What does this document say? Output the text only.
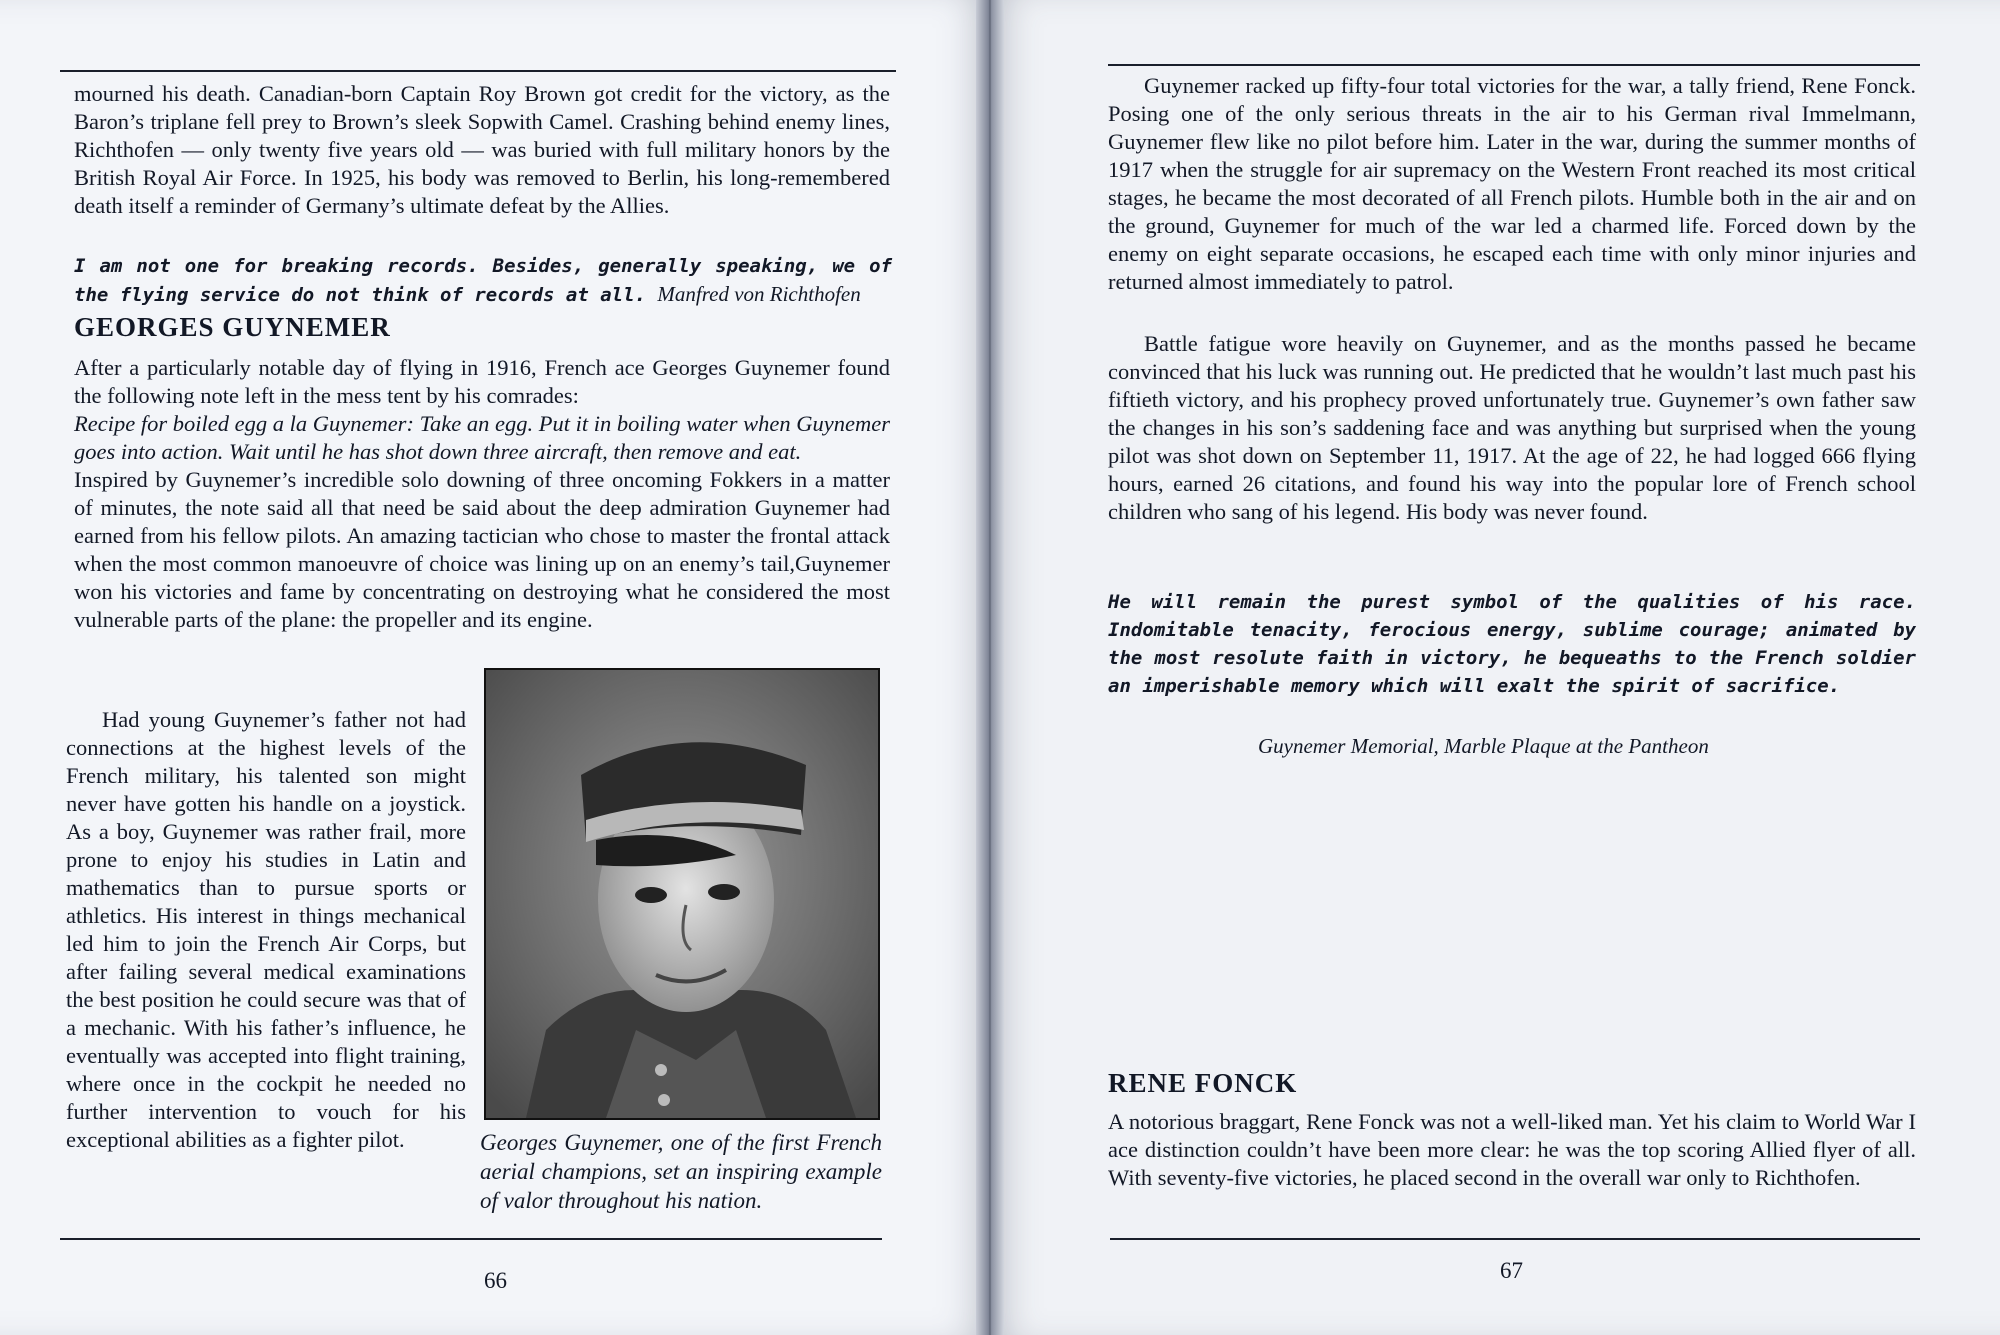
mourned his death. Canadian-born Captain Roy Brown got credit for the victory, as the Baron’s triplane fell prey to Brown’s sleek Sopwith Camel. Crashing behind enemy lines, Richthofen — only twenty five years old — was buried with full military honors by the British Royal Air Force. In 1925, his body was removed to Berlin, his long-remembered death itself a reminder of Germany’s ultimate defeat by the Allies.

I am not one for breaking records. Besides, generally speaking, we of the flying service do not think of records at all. Manfred von Richthofen
GEORGES GUYNEMER

After a particularly notable day of flying in 1916, French ace Georges Guynemer found the following note left in the mess tent by his comrades:

Recipe for boiled egg a la Guynemer: Take an egg. Put it in boiling water when Guynemer goes into action. Wait until he has shot down three aircraft, then remove and eat.

Inspired by Guynemer’s incredible solo downing of three oncoming Fokkers in a matter of minutes, the note said all that need be said about the deep admiration Guynemer had earned from his fellow pilots. An amazing tactician who chose to master the frontal attack when the most common manoeuvre of choice was lining up on an enemy’s tail,Guynemer won his victories and fame by concentrating on destroying what he considered the most vulnerable parts of the plane: the propeller and its engine.

Had young Guynemer’s father not had connections at the highest levels of the French military, his talented son might never have gotten his handle on a joystick. As a boy, Guynemer was rather frail, more prone to enjoy his studies in Latin and mathematics than to pursue sports or athletics. His interest in things mechanical led him to join the French Air Corps, but after failing several medical examinations the best position he could secure was that of a mechanic. With his father’s influence, he eventually was accepted into flight training, where once in the cockpit he needed no further intervention to vouch for his exceptional abilities as a fighter pilot.	Georges Guynemer, one of the first French aerial champions, set an inspiring example of valor throughout his nation.
66

Guynemer racked up fifty-four total victories for the war, a tally friend, Rene Fonck. Posing one of the only serious threats in the air to his German rival Immelmann, Guynemer flew like no pilot before him. Later in the war, during the summer months of 1917 when the struggle for air supremacy on the Western Front reached its most critical stages, he became the most decorated of all French pilots. Humble both in the air and on the ground, Guynemer for much of the war led a charmed life. Forced down by the enemy on eight separate occasions, he escaped each time with only minor injuries and returned almost immediately to patrol.

Battle fatigue wore heavily on Guynemer, and as the months passed he became convinced that his luck was running out. He predicted that he wouldn’t last much past his fiftieth victory, and his prophecy proved unfortunately true. Guynemer’s own father saw the changes in his son’s saddening face and was anything but surprised when the young pilot was shot down on September 11, 1917. At the age of 22, he had logged 666 flying hours, earned 26 citations, and found his way into the popular lore of French school children who sang of his legend. His body was never found.

He will remain the purest symbol of the qualities of his race. Indomitable tenacity, ferocious energy, sublime courage; animated by the most resolute faith in victory, he bequeaths to the French soldier an imperishable memory which will exalt the spirit of sacrifice.
Guynemer Memorial, Marble Plaque at the Pantheon
RENE FONCK

A notorious braggart, Rene Fonck was not a well-liked man. Yet his claim to World War I ace distinction couldn’t have been more clear: he was the top scoring Allied flyer of all. With seventy-five victories, he placed second in the overall war only to Richthofen.

67
